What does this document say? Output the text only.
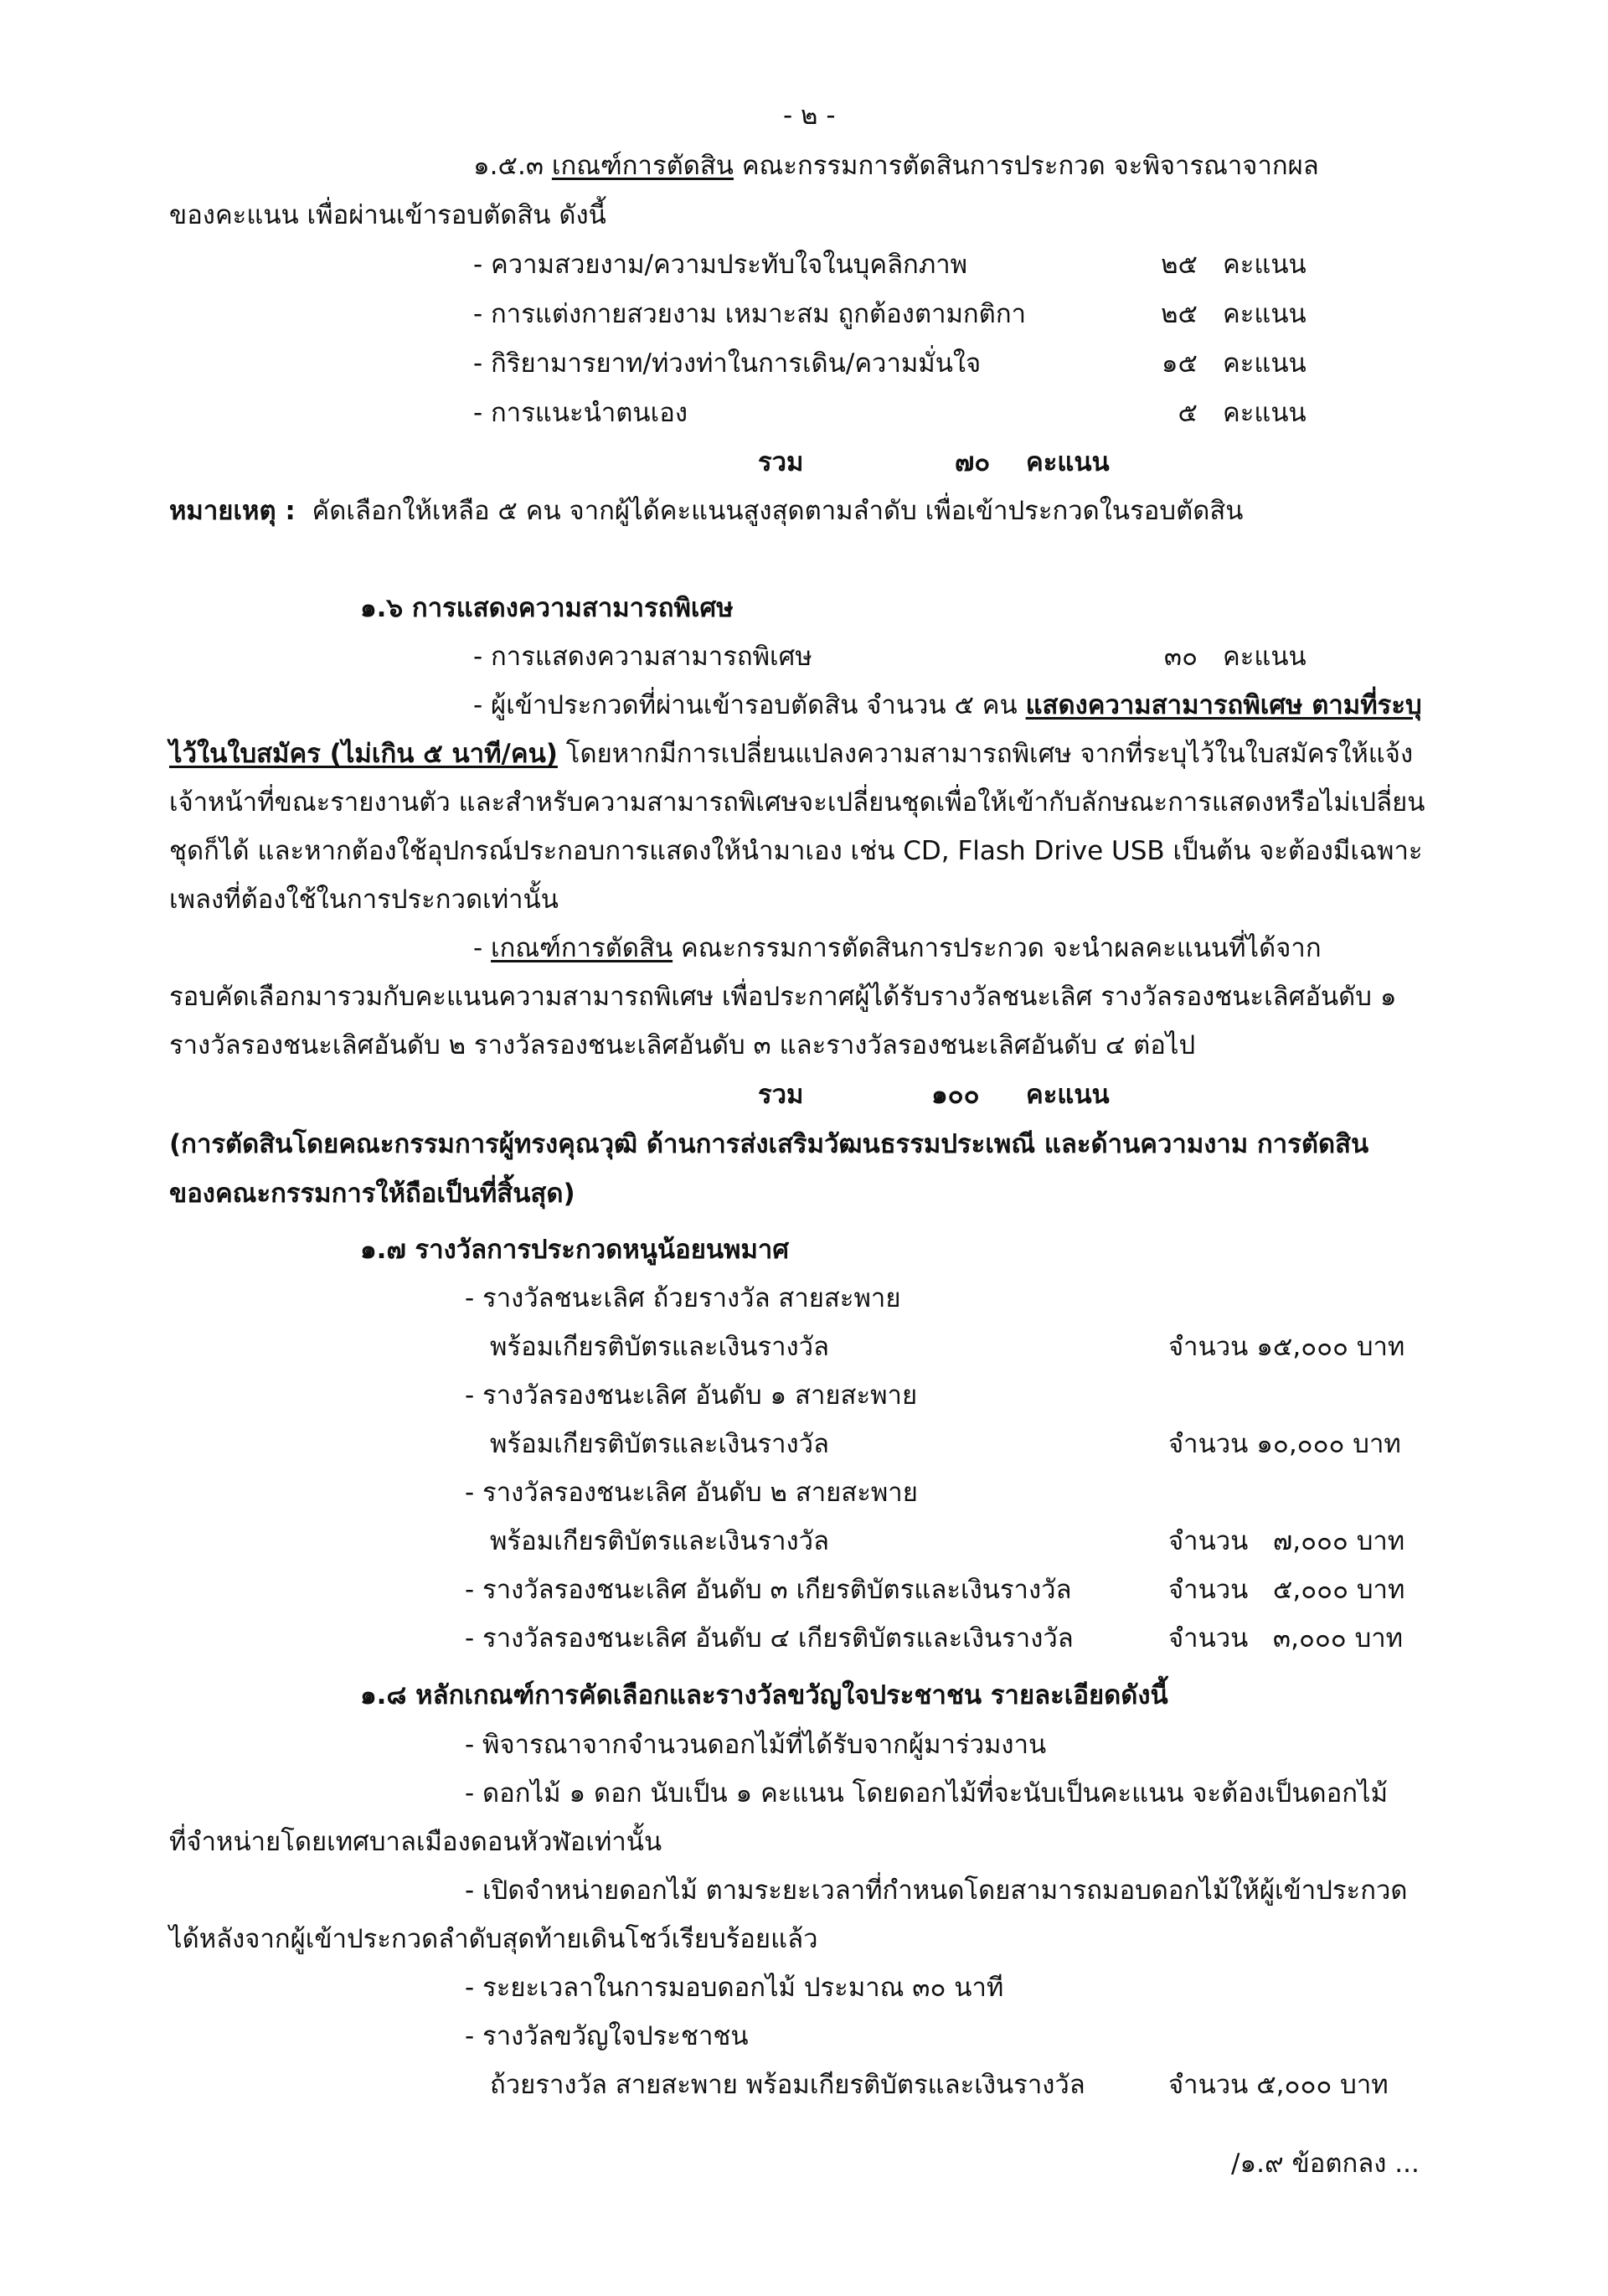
- ๒ -
๑.๕.๓ เกณฑ์การตัดสิน คณะกรรมการตัดสินการประกวด จะพิจารณาจากผล
ของคะแนน เพื่อผ่านเข้ารอบตัดสิน ดังนี้
- ความสวยงาม/ความประทับใจในบุคลิกภาพ	๒๕ คะแนน
- การแต่งกายสวยงาม เหมาะสม ถูกต้องตามกติกา	๒๕ คะแนน
- กิริยามารยาท/ท่วงท่าในการเดิน/ความมั่นใจ	๑๕ คะแนน
- การแนะนำตนเอง	๕ คะแนน
รวม	๗๐ คะแนน
หมายเหตุ : คัดเลือกให้เหลือ ๕ คน จากผู้ได้คะแนนสูงสุดตามลำดับ เพื่อเข้าประกวดในรอบตัดสิน
๑.๖ การแสดงความสามารถพิเศษ
- การแสดงความสามารถพิเศษ	๓๐ คะแนน
- ผู้เข้าประกวดที่ผ่านเข้ารอบตัดสิน จำนวน ๕ คน แสดงความสามารถพิเศษ ตามที่ระบุ
ไว้ในใบสมัคร (ไม่เกิน ๕ นาที/คน) โดยหากมีการเปลี่ยนแปลงความสามารถพิเศษ จากที่ระบุไว้ในใบสมัครให้แจ้ง
เจ้าหน้าที่ขณะรายงานตัว และสำหรับความสามารถพิเศษจะเปลี่ยนชุดเพื่อให้เข้ากับลักษณะการแสดงหรือไม่เปลี่ยน
ชุดก็ได้ และหากต้องใช้อุปกรณ์ประกอบการแสดงให้นำมาเอง เช่น CD, Flash Drive USB เป็นต้น จะต้องมีเฉพาะ
เพลงที่ต้องใช้ในการประกวดเท่านั้น
- เกณฑ์การตัดสิน คณะกรรมการตัดสินการประกวด จะนำผลคะแนนที่ได้จาก
รอบคัดเลือกมารวมกับคะแนนความสามารถพิเศษ เพื่อประกาศผู้ได้รับรางวัลชนะเลิศ รางวัลรองชนะเลิศอันดับ ๑
รางวัลรองชนะเลิศอันดับ ๒ รางวัลรองชนะเลิศอันดับ ๓ และรางวัลรองชนะเลิศอันดับ ๔ ต่อไป
รวม	๑๐๐ คะแนน
(การตัดสินโดยคณะกรรมการผู้ทรงคุณวุฒิ ด้านการส่งเสริมวัฒนธรรมประเพณี และด้านความงาม การตัดสิน
ของคณะกรรมการให้ถือเป็นที่สิ้นสุด)
๑.๗ รางวัลการประกวดหนูน้อยนพมาศ
- รางวัลชนะเลิศ ถ้วยรางวัล สายสะพาย
พร้อมเกียรติบัตรและเงินรางวัล	จำนวน ๑๕,๐๐๐ บาท
- รางวัลรองชนะเลิศ อันดับ ๑ สายสะพาย
พร้อมเกียรติบัตรและเงินรางวัล	จำนวน ๑๐,๐๐๐ บาท
- รางวัลรองชนะเลิศ อันดับ ๒ สายสะพาย
พร้อมเกียรติบัตรและเงินรางวัล	จำนวน   ๗,๐๐๐ บาท
- รางวัลรองชนะเลิศ อันดับ ๓ เกียรติบัตรและเงินรางวัล	จำนวน   ๕,๐๐๐ บาท
- รางวัลรองชนะเลิศ อันดับ ๔ เกียรติบัตรและเงินรางวัล	จำนวน   ๓,๐๐๐ บาท
๑.๘ หลักเกณฑ์การคัดเลือกและรางวัลขวัญใจประชาชน รายละเอียดดังนี้
- พิจารณาจากจำนวนดอกไม้ที่ได้รับจากผู้มาร่วมงาน
- ดอกไม้ ๑ ดอก นับเป็น ๑ คะแนน โดยดอกไม้ที่จะนับเป็นคะแนน จะต้องเป็นดอกไม้
ที่จำหน่ายโดยเทศบาลเมืองดอนหัวฬ่อเท่านั้น
- เปิดจำหน่ายดอกไม้ ตามระยะเวลาที่กำหนดโดยสามารถมอบดอกไม้ให้ผู้เข้าประกวด
ได้หลังจากผู้เข้าประกวดลำดับสุดท้ายเดินโชว์เรียบร้อยแล้ว
- ระยะเวลาในการมอบดอกไม้ ประมาณ ๓๐ นาที
- รางวัลขวัญใจประชาชน
ถ้วยรางวัล สายสะพาย พร้อมเกียรติบัตรและเงินรางวัล	จำนวน ๕,๐๐๐ บาท
/๑.๙ ข้อตกลง ...
